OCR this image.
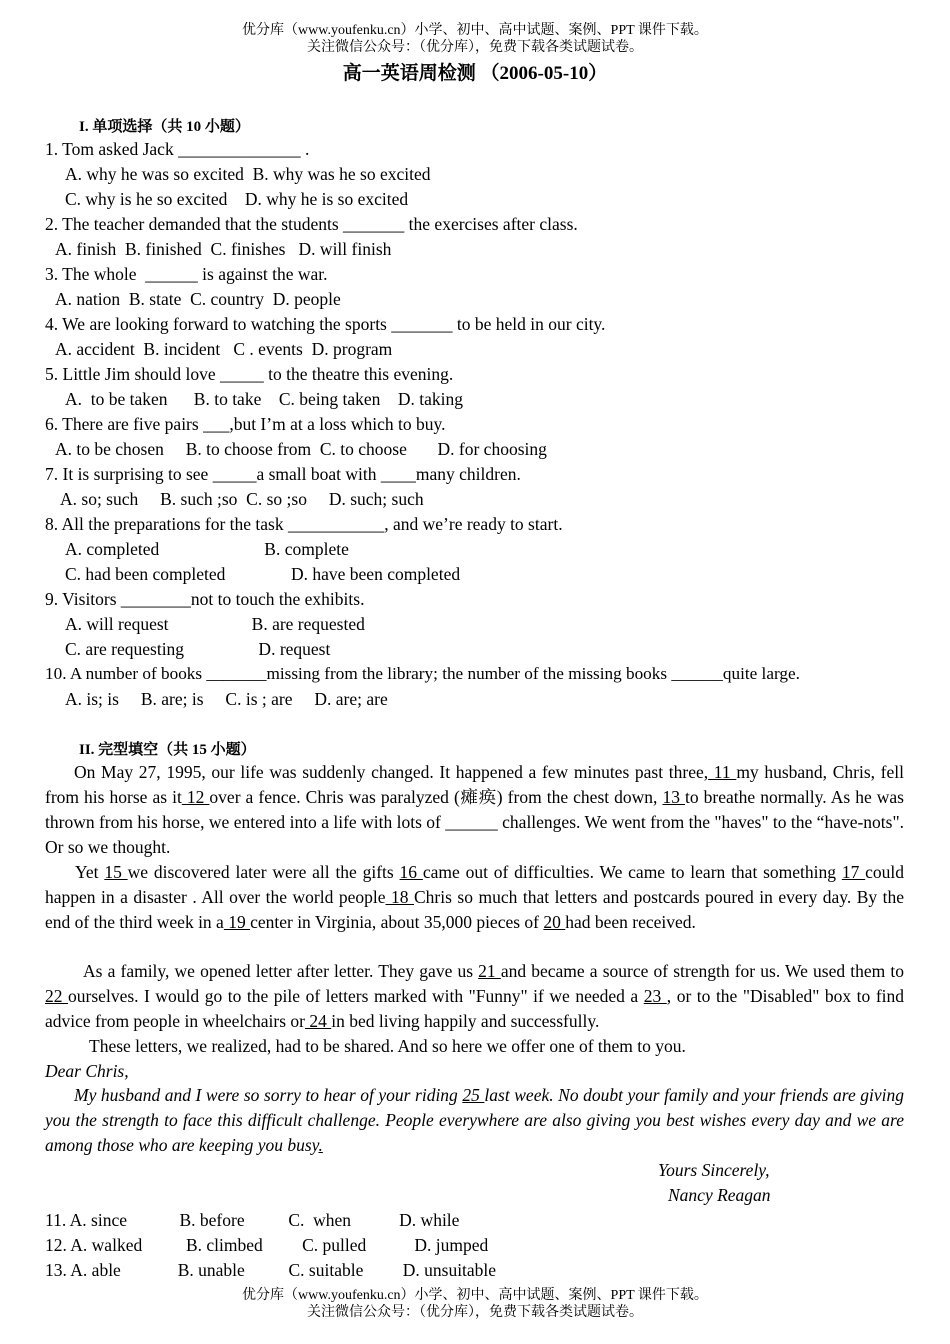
优分库（www.youfenku.cn）小学、初中、高中试题、案例、PPT 课件下载。
关注微信公众号：（优分库），免费下载各类试题试卷。
高一英语周检测 （2006-05-10）
I. 单项选择（共 10 小题）
1. Tom asked Jack ______________ .
A. why he was so excited  B. why was he so excited
C. why is he so excited    D. why he is so excited
2. The teacher demanded that the students _______ the exercises after class.
A. finish  B. finished  C. finishes   D. will finish
3. The whole  ______ is against the war.
A. nation  B. state  C. country  D. people
4. We are looking forward to watching the sports _______ to be held in our city.
A. accident  B. incident   C . events  D. program
5. Little Jim should love _____ to the theatre this evening.
A.  to be taken      B. to take    C. being taken    D. taking
6. There are five pairs ___,but I’m at a loss which to buy.
A. to be chosen     B. to choose from  C. to choose       D. for choosing
7. It is surprising to see _____a small boat with ____many children.
A. so; such     B. such ;so  C. so ;so     D. such; such
8. All the preparations for the task ___________, and we’re ready to start.
A. completed                        B. complete
C. had been completed               D. have been completed
9. Visitors ________not to touch the exhibits.
A. will request                   B. are requested
C. are requesting                 D. request
10. A number of books _______missing from the library; the number of the missing books ______quite large.
A. is; is     B. are; is     C. is ; are     D. are; are
II. 完型填空（共 15 小题）
On May 27, 1995, our life was suddenly changed. It happened a few minutes past three, 11 my husband, Chris, fell from his horse as it 12 over a fence. Chris was paralyzed (瘫痪) from the chest down, 13 to breathe normally. As he was thrown from his horse, we entered into a life with lots of ______ challenges. We went from the "haves" to the “have-nots". Or so we thought.
Yet 15 we discovered later were all the gifts 16 came out of difficulties. We came to learn that something 17 could happen in a disaster . All over the world people 18 Chris so much that letters and postcards poured in every day. By the end of the third week in a 19 center in Virginia, about 35,000 pieces of 20 had been received.
As a family, we opened letter after letter. They gave us 21 and became a source of strength for us. We used them to 22 ourselves. I would go to the pile of letters marked with "Funny" if we needed a 23 , or to the "Disabled" box to find advice from people in wheelchairs or 24 in bed living happily and successfully.
These letters, we realized, had to be shared. And so here we offer one of them to you.
Dear Chris,
My husband and I were so sorry to hear of your riding 25 last week. No doubt your family and your friends are giving you the strength to face this difficult challenge. People everywhere are also giving you best wishes every day and we are among those who are keeping you busy.
Yours Sincerely,
Nancy Reagan
11. A. since            B. before          C.  when           D. while
12. A. walked          B. climbed         C. pulled           D. jumped
13. A. able             B. unable          C. suitable         D. unsuitable
优分库（www.youfenku.cn）小学、初中、高中试题、案例、PPT 课件下载。
关注微信公众号：（优分库），免费下载各类试题试卷。
